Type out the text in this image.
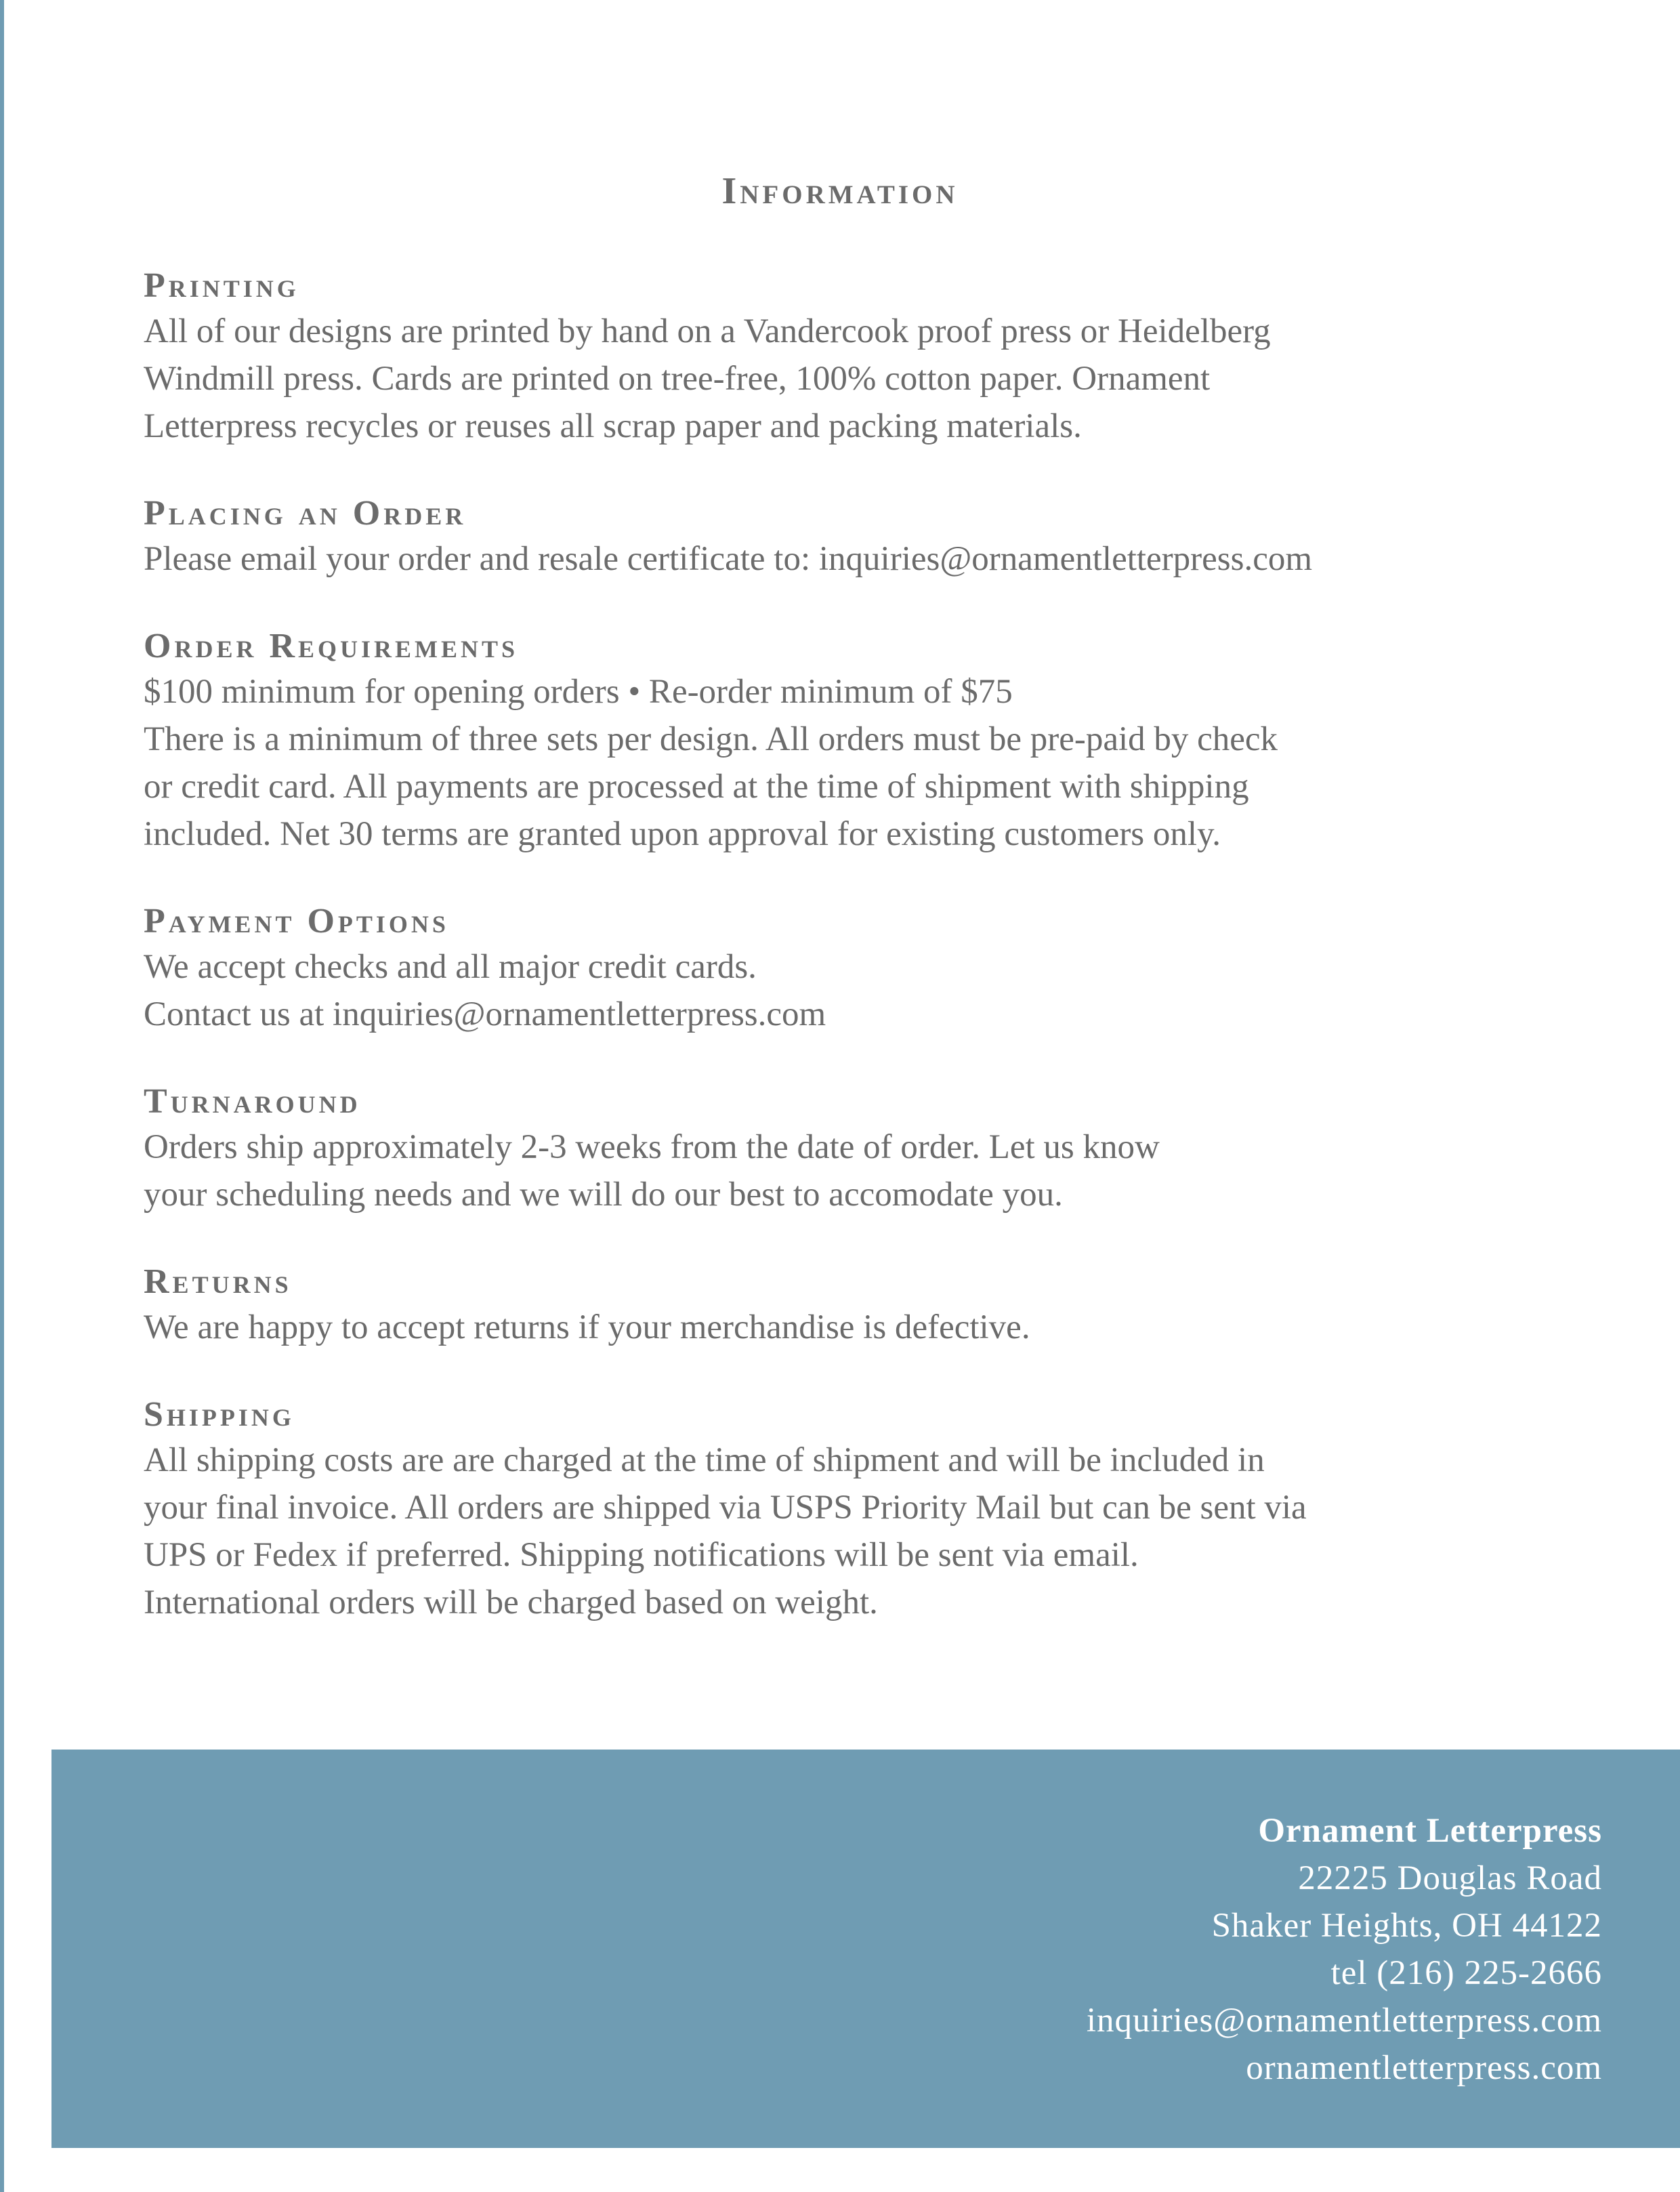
Information

Printing

All of our designs are printed by hand on a Vandercook proof press or Heidelberg

Windmill press. Cards are printed on tree-free, 100% cotton paper. Ornament

Letterpress recycles or reuses all scrap paper and packing materials.

Placing an Order

Please email your order and resale certificate to: inquiries@ornamentletterpress.com

Order Requirements

$100 minimum for opening orders • Re-order minimum of $75

There is a minimum of three sets per design. All orders must be pre-paid by check

or credit card. All payments are processed at the time of shipment with shipping

included. Net 30 terms are granted upon approval for existing customers only.

Payment Options

We accept checks and all major credit cards.

Contact us at inquiries@ornamentletterpress.com

Turnaround

Orders ship approximately 2-3 weeks from the date of order. Let us know

your scheduling needs and we will do our best to accomodate you.

Returns

We are happy to accept returns if your merchandise is defective.

Shipping

All shipping costs are are charged at the time of shipment and will be included in

your final invoice. All orders are shipped via USPS Priority Mail but can be sent via

UPS or Fedex if preferred. Shipping notifications will be sent via email.

International orders will be charged based on weight.

Ornament Letterpress
22225 Douglas Road
Shaker Heights, OH 44122
tel (216) 225-2666
inquiries@ornamentletterpress.com
ornamentletterpress.com
